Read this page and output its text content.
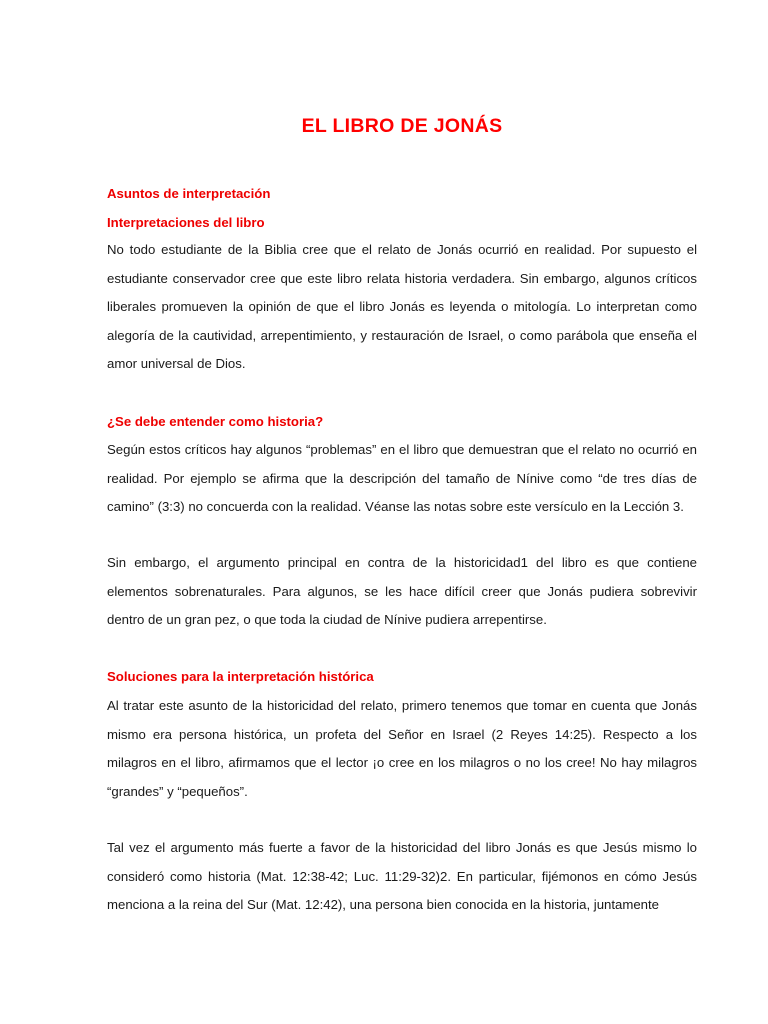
EL LIBRO DE JONÁS
Asuntos de interpretación
Interpretaciones del libro

No todo estudiante de la Biblia cree que el relato de Jonás ocurrió en realidad. Por supuesto el estudiante conservador cree que este libro relata historia verdadera. Sin embargo, algunos críticos liberales promueven la opinión de que el libro Jonás es leyenda o mitología. Lo interpretan como alegoría de la cautividad, arrepentimiento, y restauración de Israel, o como parábola que enseña el amor universal de Dios.

¿Se debe entender como historia?

Según estos críticos hay algunos “problemas” en el libro que demuestran que el relato no ocurrió en realidad. Por ejemplo se afirma que la descripción del tamaño de Nínive como “de tres días de camino” (3:3) no concuerda con la realidad. Véanse las notas sobre este versículo en la Lección 3.

Sin embargo, el argumento principal en contra de la historicidad1 del libro es que contiene elementos sobrenaturales. Para algunos, se les hace difícil creer que Jonás pudiera sobrevivir dentro de un gran pez, o que toda la ciudad de Nínive pudiera arrepentirse.

Soluciones para la interpretación histórica

Al tratar este asunto de la historicidad del relato, primero tenemos que tomar en cuenta que Jonás mismo era persona histórica, un profeta del Señor en Israel (2 Reyes 14:25). Respecto a los milagros en el libro, afirmamos que el lector ¡o cree en los milagros o no los cree! No hay milagros “grandes” y “pequeños”.

Tal vez el argumento más fuerte a favor de la historicidad del libro Jonás es que Jesús mismo lo consideró como historia (Mat. 12:38-42; Luc. 11:29-32)2. En particular, fijémonos en cómo Jesús menciona a la reina del Sur (Mat. 12:42), una persona bien conocida en la historia, juntamente
